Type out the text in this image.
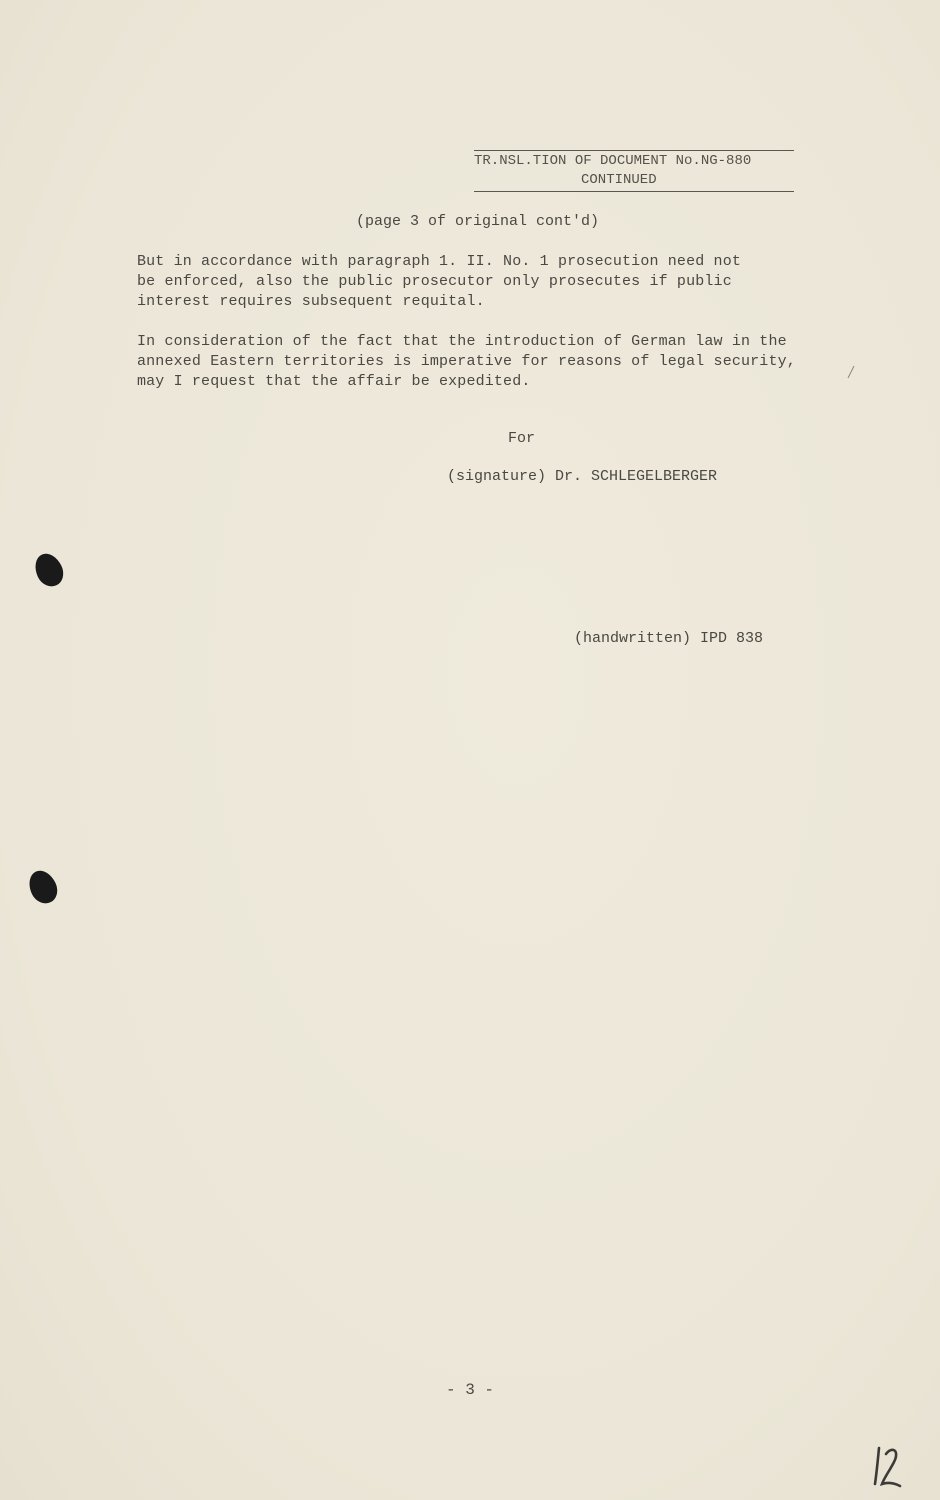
TR.NSL.TION OF DOCUMENT No.NG-880
CONTINUED
(page 3 of original cont'd)
But in accordance with paragraph 1. II. No. 1 prosecution need not
be enforced, also the public prosecutor only prosecutes if public
interest requires subsequent requital.
In consideration of the fact that the introduction of German law in the
annexed Eastern territories is imperative for reasons of legal security,
may I request that the affair be expedited.
For
(signature) Dr. SCHLEGELBERGER
(handwritten) IPD 838
- 3 -
